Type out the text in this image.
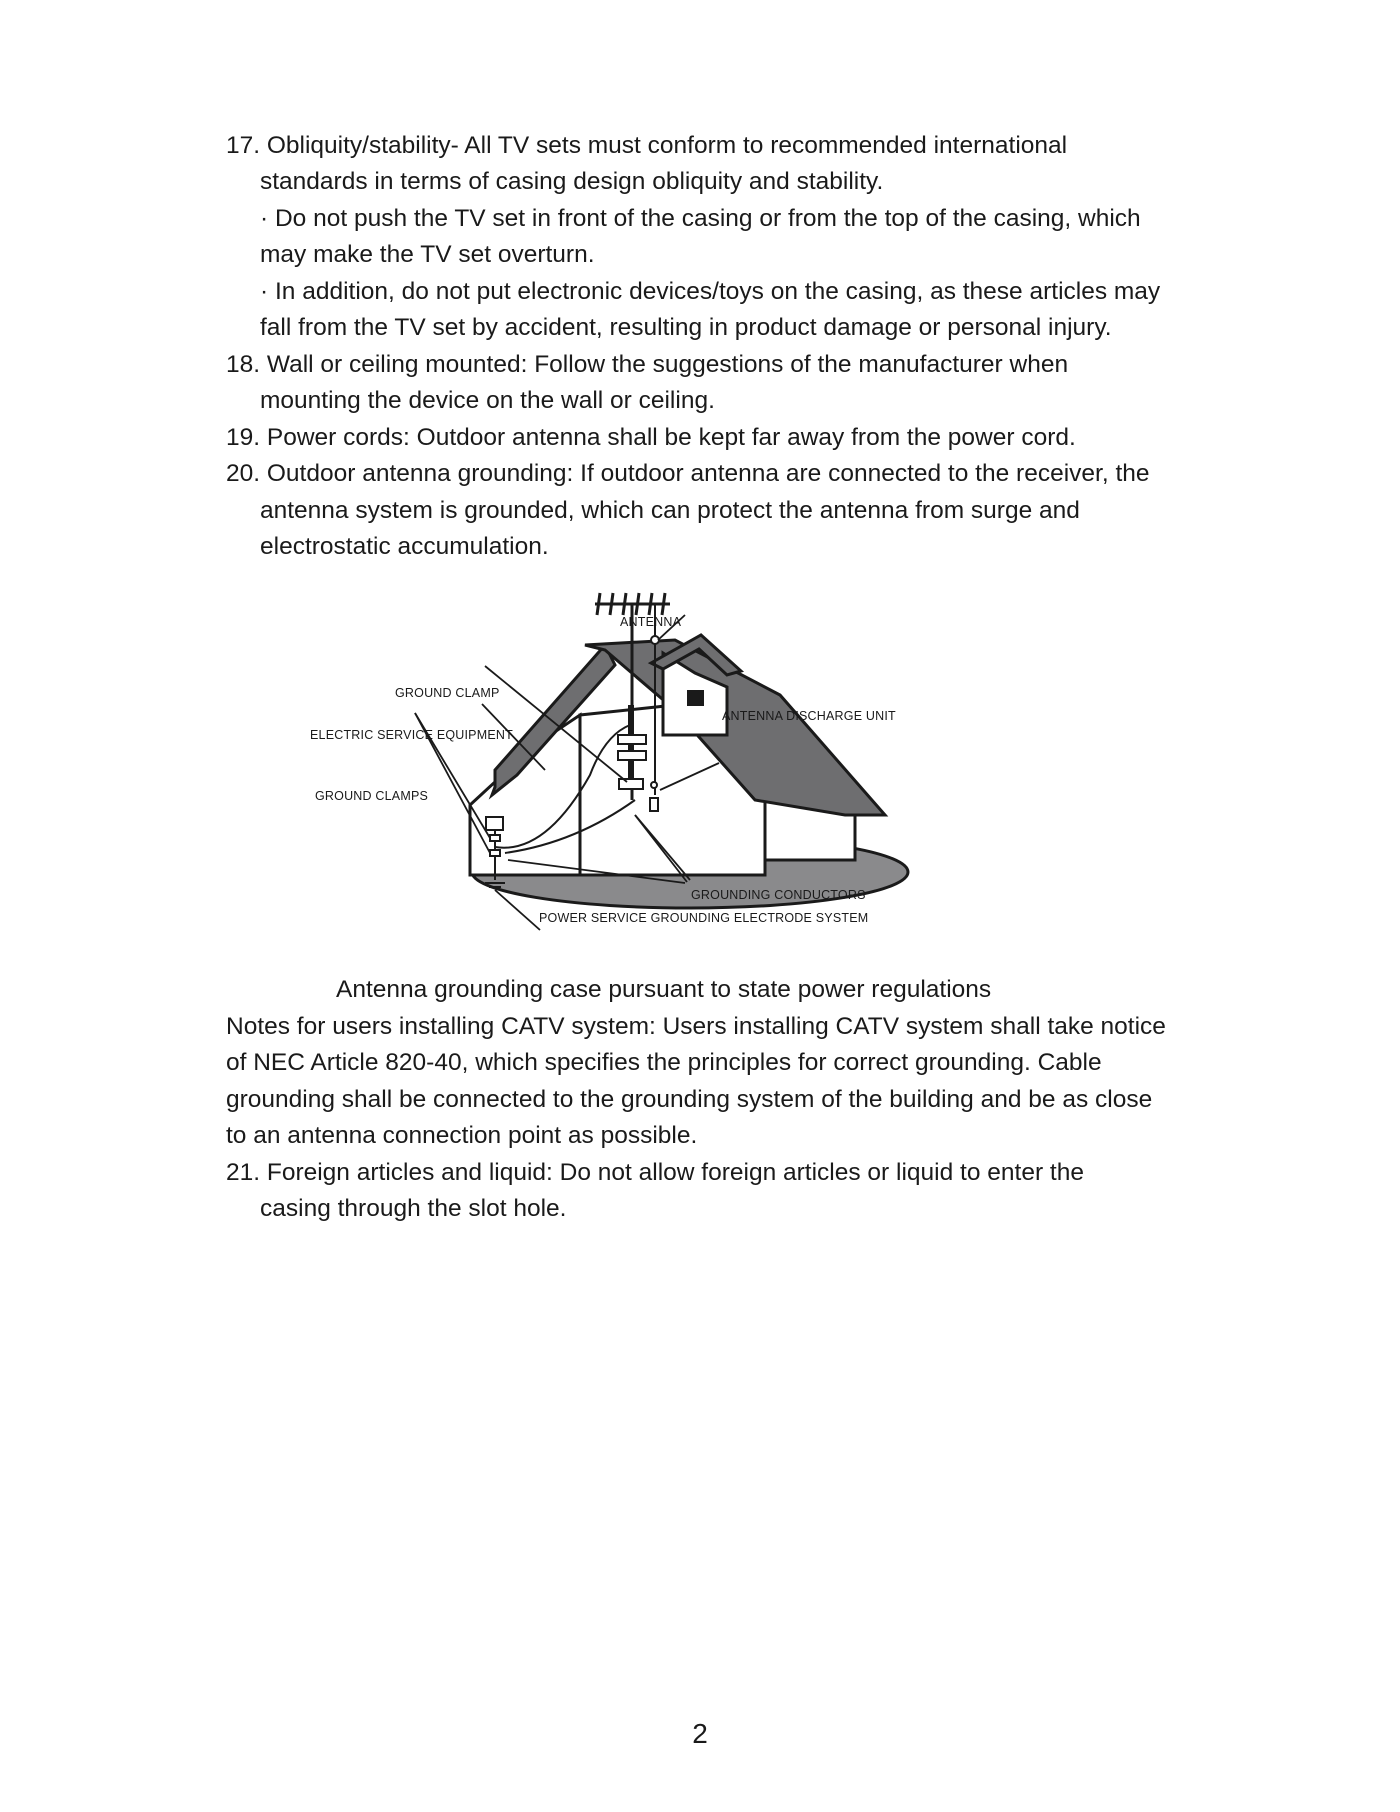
17. Obliquity/stability- All TV sets must conform to recommended international
standards in terms of casing design obliquity and stability.
· Do not push the TV set in front of the casing or from the top of the casing, which
may make the TV set overturn.
· In addition, do not put electronic devices/toys on the casing, as these articles may
fall from the TV set by accident, resulting in product damage or personal injury.
18. Wall or ceiling mounted: Follow the suggestions of the manufacturer when
mounting the device on the wall or ceiling.
19. Power cords: Outdoor antenna shall be kept far away from the power cord.
20. Outdoor antenna grounding: If outdoor antenna are connected to the receiver, the
antenna system is grounded, which can protect the antenna from surge and
electrostatic accumulation.
ANTENNA
GROUND CLAMP
ELECTRIC SERVICE EQUIPMENT
ANTENNA DISCHARGE UNIT
GROUND CLAMPS
GROUNDING CONDUCTORS
POWER SERVICE GROUNDING ELECTRODE SYSTEM
Antenna grounding case pursuant to state power regulations
Notes for users installing CATV system: Users installing CATV system shall take notice
of NEC Article 820-40, which specifies the principles for correct grounding. Cable
grounding shall be connected to the grounding system of the building and be as close
to an antenna connection point as possible.
21. Foreign articles and liquid: Do not allow foreign articles or liquid to enter the
casing through the slot hole.
2
